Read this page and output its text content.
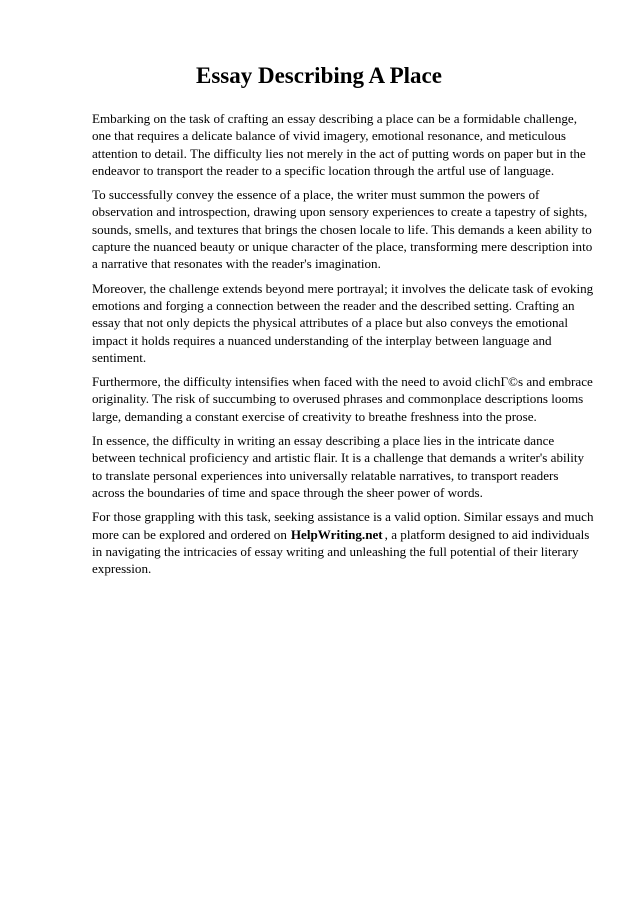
Essay Describing A Place

Embarking on the task of crafting an essay describing a place can be a formidable challenge, one that requires a delicate balance of vivid imagery, emotional resonance, and meticulous attention to detail. The difficulty lies not merely in the act of putting words on paper but in the endeavor to transport the reader to a specific location through the artful use of language.

To successfully convey the essence of a place, the writer must summon the powers of observation and introspection, drawing upon sensory experiences to create a tapestry of sights, sounds, smells, and textures that brings the chosen locale to life. This demands a keen ability to capture the nuanced beauty or unique character of the place, transforming mere description into a narrative that resonates with the reader's imagination.

Moreover, the challenge extends beyond mere portrayal; it involves the delicate task of evoking emotions and forging a connection between the reader and the described setting. Crafting an essay that not only depicts the physical attributes of a place but also conveys the emotional impact it holds requires a nuanced understanding of the interplay between language and sentiment.

Furthermore, the difficulty intensifies when faced with the need to avoid clichГ©s and embrace originality. The risk of succumbing to overused phrases and commonplace descriptions looms large, demanding a constant exercise of creativity to breathe freshness into the prose.

In essence, the difficulty in writing an essay describing a place lies in the intricate dance between technical proficiency and artistic flair. It is a challenge that demands a writer's ability to translate personal experiences into universally relatable narratives, to transport readers across the boundaries of time and space through the sheer power of words.

For those grappling with this task, seeking assistance is a valid option. Similar essays and much more can be explored and ordered on HelpWriting.net , a platform designed to aid individuals in navigating the intricacies of essay writing and unleashing the full potential of their literary expression.
